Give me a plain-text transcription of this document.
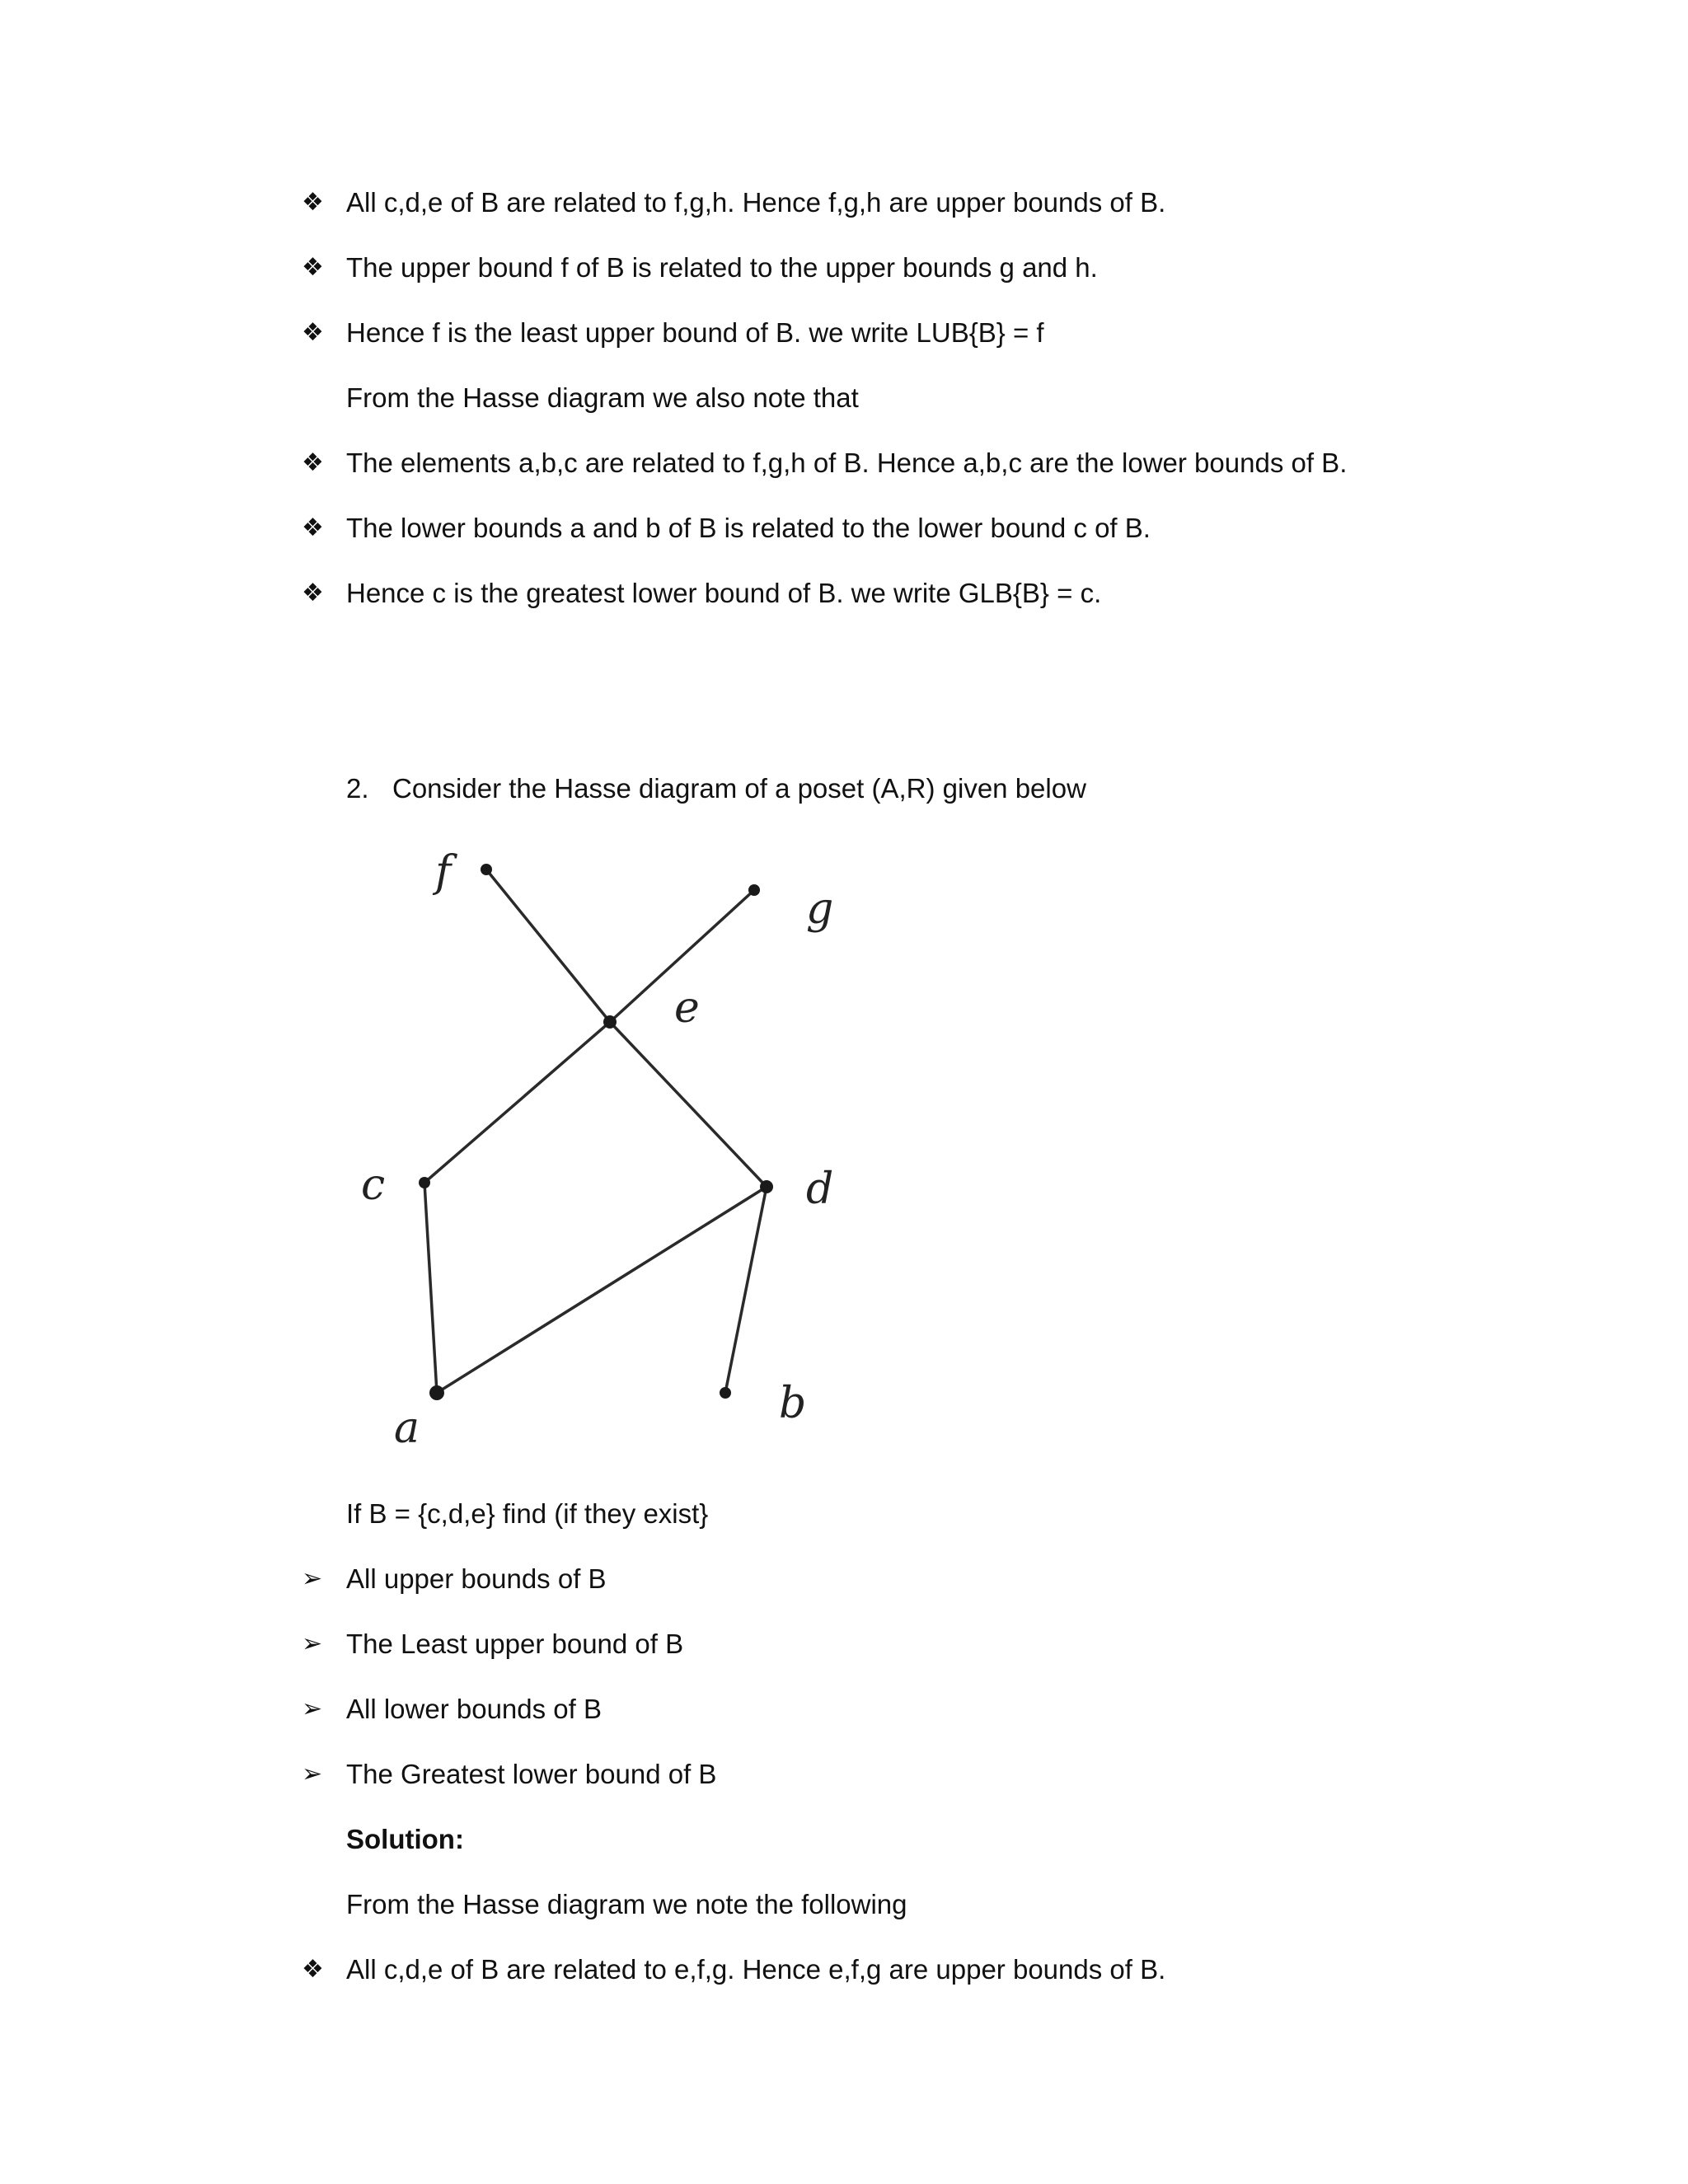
❖ All c,d,e of B are related to f,g,h. Hence f,g,h are upper bounds of B.
❖ The upper bound f of B is related to the upper bounds g and h.
❖ Hence f is the least upper bound of B. we write LUB{B} = f
From the Hasse diagram we also note that
❖ The elements a,b,c are related to f,g,h of B. Hence a,b,c are the lower bounds of B.
❖ The lower bounds a and b of B is related to the lower bound c of B.
❖ Hence c is the greatest lower bound of B. we write GLB{B} = c.
2. Consider the Hasse diagram of a poset (A,R) given below
f
g
e
c	d
a	b
If B = {c,d,e} find (if they exist}
➢ All upper bounds of B
➢ The Least upper bound of B
➢ All lower bounds of B
➢ The Greatest lower bound of B
Solution:
From the Hasse diagram we note the following
❖ All c,d,e of B are related to e,f,g. Hence e,f,g are upper bounds of B.
